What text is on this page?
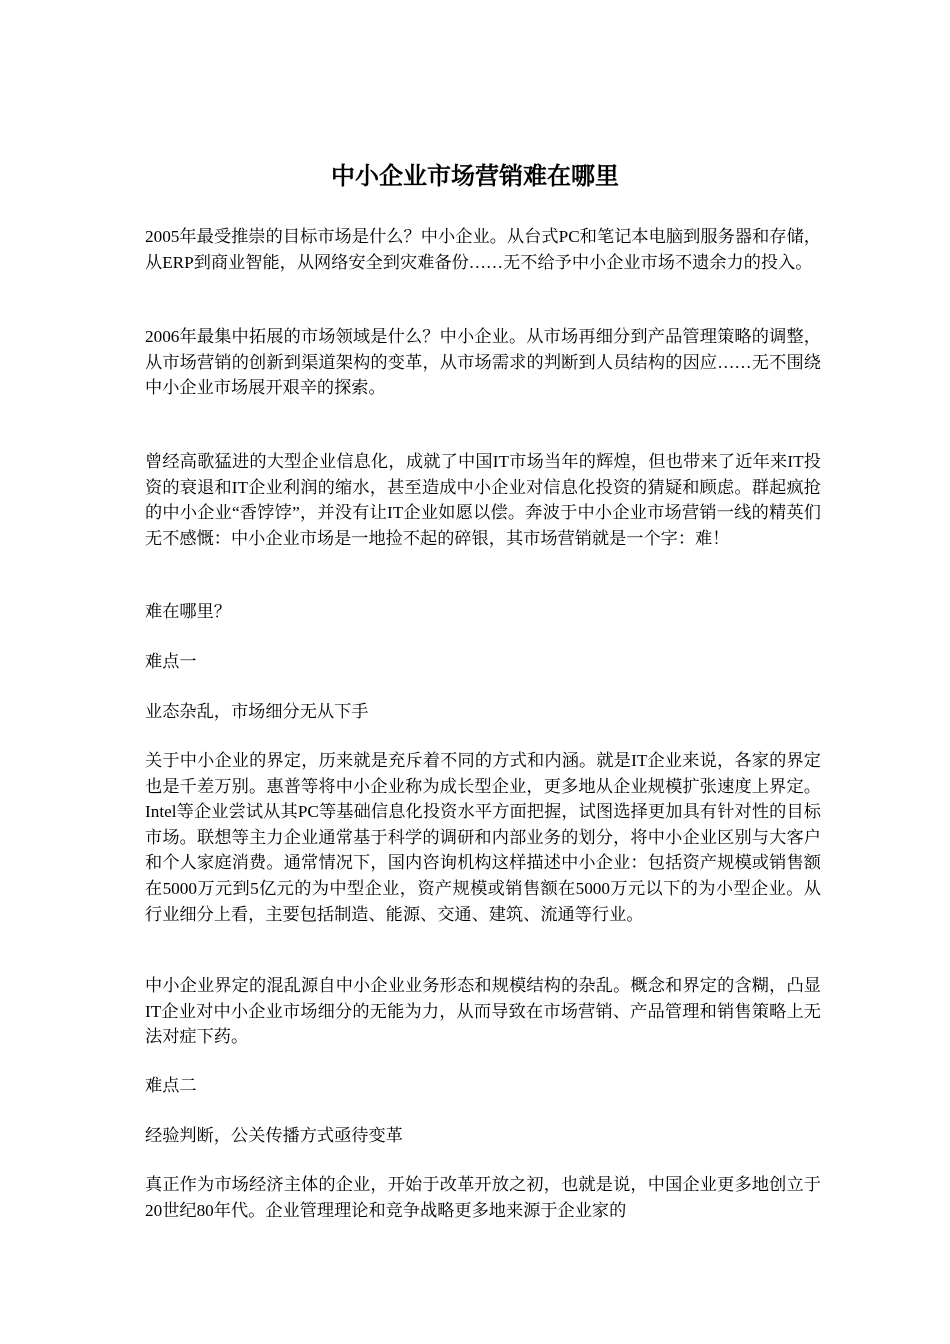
中小企业市场营销难在哪里

2005年最受推崇的目标市场是什么？中小企业。从台式PC和笔记本电脑到服务器和存储，从ERP到商业智能，从网络安全到灾难备份……无不给予中小企业市场不遗余力的投入。

2006年最集中拓展的市场领域是什么？中小企业。从市场再细分到产品管理策略的调整，从市场营销的创新到渠道架构的变革，从市场需求的判断到人员结构的因应……无不围绕中小企业市场展开艰辛的探索。

曾经高歌猛进的大型企业信息化，成就了中国IT市场当年的辉煌，但也带来了近年来IT投资的衰退和IT企业利润的缩水，甚至造成中小企业对信息化投资的猜疑和顾虑。群起疯抢的中小企业“香饽饽”，并没有让IT企业如愿以偿。奔波于中小企业市场营销一线的精英们无不感慨：中小企业市场是一地捡不起的碎银，其市场营销就是一个字：难！

难在哪里？

难点一

业态杂乱，市场细分无从下手

关于中小企业的界定，历来就是充斥着不同的方式和内涵。就是IT企业来说，各家的界定也是千差万别。惠普等将中小企业称为成长型企业，更多地从企业规模扩张速度上界定。Intel等企业尝试从其PC等基础信息化投资水平方面把握，试图选择更加具有针对性的目标市场。联想等主力企业通常基于科学的调研和内部业务的划分，将中小企业区别与大客户和个人家庭消费。通常情况下，国内咨询机构这样描述中小企业：包括资产规模或销售额在5000万元到5亿元的为中型企业，资产规模或销售额在5000万元以下的为小型企业。从行业细分上看，主要包括制造、能源、交通、建筑、流通等行业。

中小企业界定的混乱源自中小企业业务形态和规模结构的杂乱。概念和界定的含糊，凸显IT企业对中小企业市场细分的无能为力，从而导致在市场营销、产品管理和销售策略上无法对症下药。

难点二

经验判断，公关传播方式亟待变革

真正作为市场经济主体的企业，开始于改革开放之初，也就是说，中国企业更多地创立于20世纪80年代。企业管理理论和竞争战略更多地来源于企业家的
